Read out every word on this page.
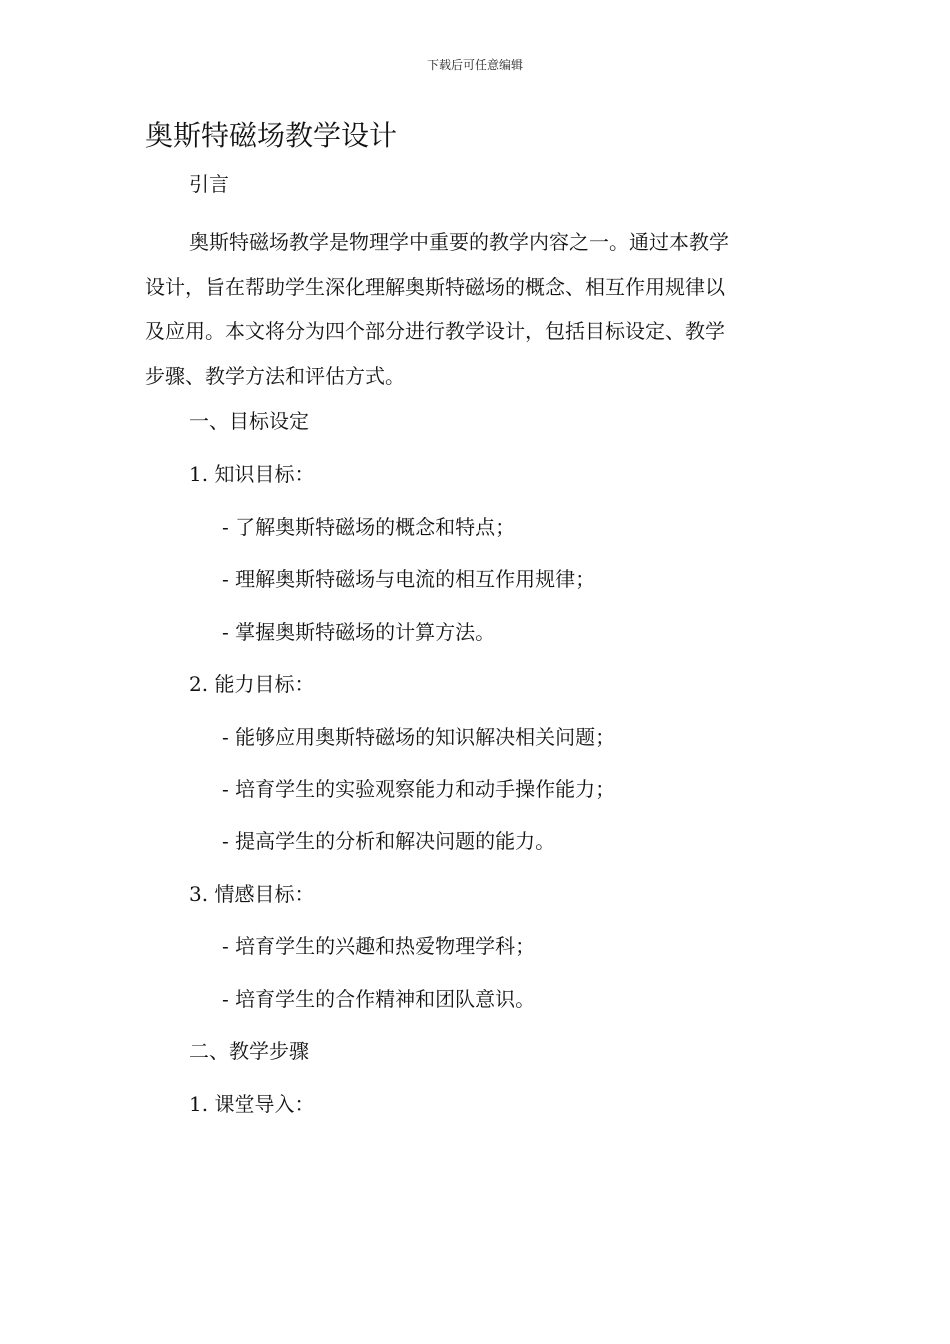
下载后可任意编辑
奥斯特磁场教学设计

引言

奥斯特磁场教学是物理学中重要的教学内容之一。通过本教学
设计，旨在帮助学生深化理解奥斯特磁场的概念、相互作用规律以
及应用。本文将分为四个部分进行教学设计，包括目标设定、教学
步骤、教学方法和评估方式。

一、目标设定

1. 知识目标：

- 了解奥斯特磁场的概念和特点；

- 理解奥斯特磁场与电流的相互作用规律；

- 掌握奥斯特磁场的计算方法。

2. 能力目标：

- 能够应用奥斯特磁场的知识解决相关问题；

- 培育学生的实验观察能力和动手操作能力；

- 提高学生的分析和解决问题的能力。

3. 情感目标：

- 培育学生的兴趣和热爱物理学科；

- 培育学生的合作精神和团队意识。

二、教学步骤

1. 课堂导入：
